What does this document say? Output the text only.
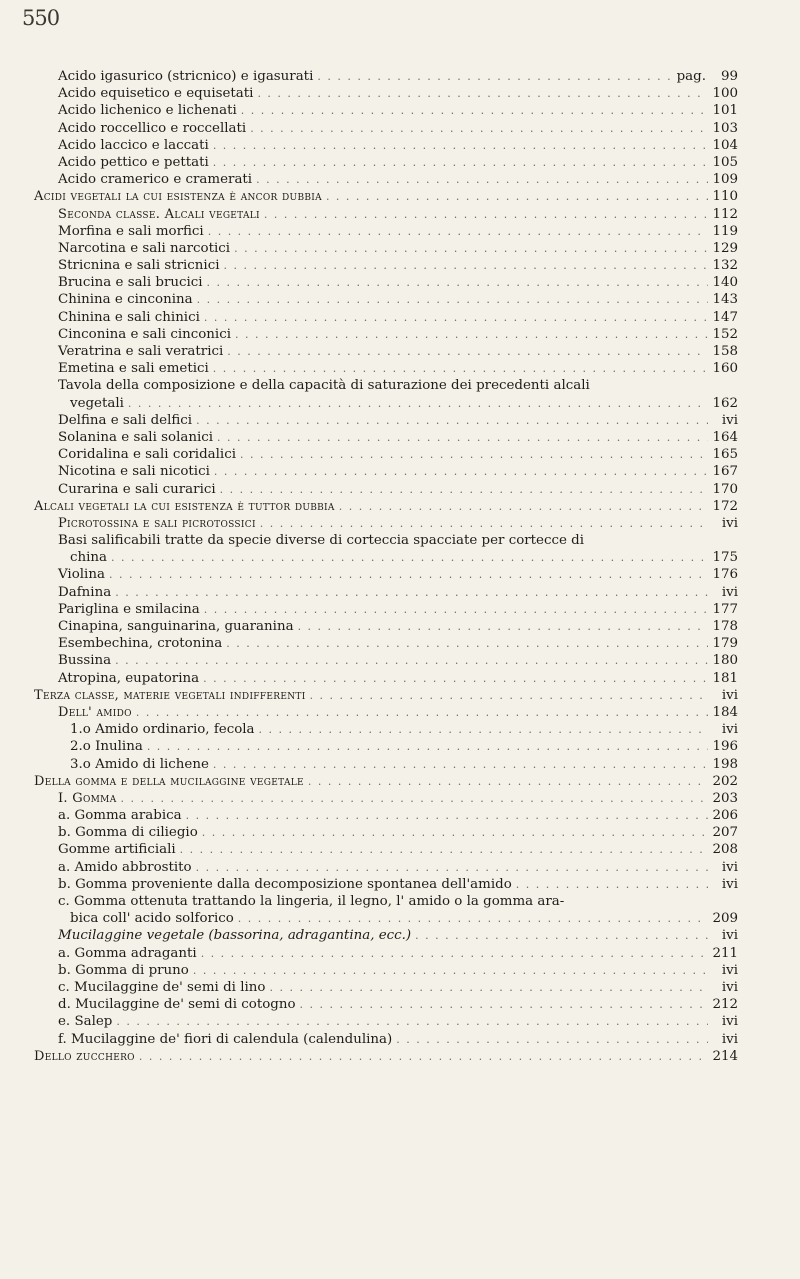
550
Acido igasurico (stricnico) e igasurati . . .	pag.	99
Acido equisetico e equisetati . . .	100
Acido lichenico e lichenati . . .	101
Acido roccellico e roccellati . . .	103
Acido laccico e laccati . . .	104
Acido pettico e pettati . . .	105
Acido cramerico e cramerati . . .	109
Acidi vegetali la cui esistenza è ancor dubbia . . .	110
Seconda classe. Alcali vegetali . . .	112
Morfina e sali morfici . . .	119
Narcotina e sali narcotici . . .	129
Stricnina e sali stricnici . . .	132
Brucina e sali brucici . . .	140
Chinina e cinconina . . .	143
Chinina e sali chinici . . .	147
Cinconina e sali cinconici . . .	152
Veratrina e sali veratrici . . .	158
Emetina e sali emetici . . .	160
Tavola della composizione e della capacità di saturazione dei precedenti alcali
vegetali . . .	162
Delfina e sali delfici . . .	ivi
Solanina e sali solanici . . .	164
Coridalina e sali coridalici . . .	165
Nicotina e sali nicotici . . .	167
Curarina e sali curarici . . .	170
Alcali vegetali la cui esistenza è tuttor dubbia . . .	172
Picrotossina e sali picrotossici . . .	ivi
Basi salificabili tratte da specie diverse di corteccia spacciate per cortecce di
china . . .	175
Violina . . .	176
Dafnina . . .	ivi
Pariglina e smilacina . . .	177
Cinapina, sanguinarina, guaranina . . .	178
Esembechina, crotonina . . .	179
Bussina . . .	180
Atropina, eupatorina . . .	181
Terza classe, materie vegetali indifferenti . . .	ivi
Dell' amido . . .	184
1.o Amido ordinario, fecola . . .	ivi
2.o Inulina . . .	196
3.o Amido di lichene . . .	198
Della gomma e della mucilaggine vegetale . . .	202
I. Gomma . . .	203
a. Gomma arabica . . .	206
b. Gomma di ciliegio . . .	207
Gomme artificiali . . .	208
a. Amido abbrostito . . .	ivi
b. Gomma proveniente dalla decomposizione spontanea dell'amido . . .	ivi
c. Gomma ottenuta trattando la lingeria, il legno, l' amido o la gomma ara-
bica coll' acido solforico . . .	209
Mucilaggine vegetale (bassorina, adragantina, ecc.) . . .	ivi
a. Gomma adraganti . . .	211
b. Gomma di pruno . . .	ivi
c. Mucilaggine de' semi di lino . . .	ivi
d. Mucilaggine de' semi di cotogno . . .	212
e. Salep . . .	ivi
f. Mucilaggine de' fiori di calendula (calendulina) . . .	ivi
Dello zucchero . . .	214
